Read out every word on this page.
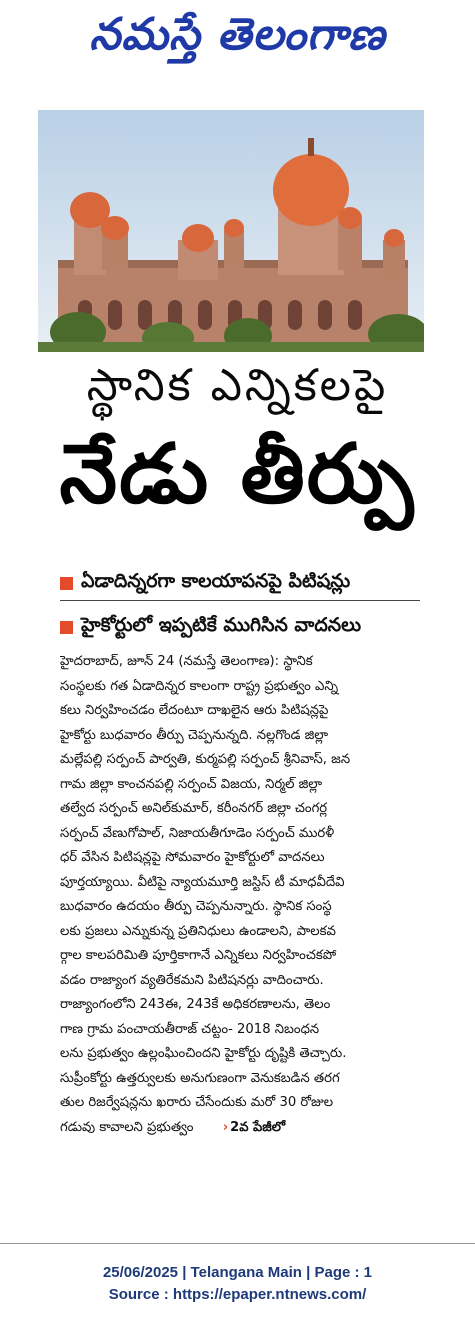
నమస్తే తెలంగాణ
స్థానిక ఎన్నికలపై
నేడు తీర్పు
ఏడాదిన్నరగా కాలయాపనపై పిటిషన్లు
హైకోర్టులో ఇప్పటికే ముగిసిన వాదనలు
హైదరాబాద్, జూన్ 24 (నమస్తే తెలంగాణ): స్థానిక
సంస్థలకు గత ఏడాదిన్నర కాలంగా రాష్ట్ర ప్రభుత్వం ఎన్ని
కలు నిర్వహించడం లేదంటూ దాఖలైన ఆరు పిటిషన్లపై
హైకోర్టు బుధవారం తీర్పు చెప్పనున్నది. నల్లగొండ జిల్లా
మల్లేపల్లి సర్పంచ్ పార్వతి, కుర్మపల్లి సర్పంచ్ శ్రీనివాస్, జన
గామ జిల్లా కాంచనపల్లి సర్పంచ్ విజయ, నిర్మల్ జిల్లా
తల్వేద సర్పంచ్ అనిల్‌కుమార్, కరీంనగర్ జిల్లా చంగర్ల
సర్పంచ్ వేణుగోపాల్, నిజాయతీగూడెం సర్పంచ్ మురళీ
ధర్ వేసిన పిటిషన్లపై సోమవారం హైకోర్టులో వాదనలు
పూర్తయ్యాయి. వీటిపై న్యాయమూర్తి జస్టిస్ టీ మాధవీదేవి
బుధవారం ఉదయం తీర్పు చెప్పనున్నారు. స్థానిక సంస్థ
లకు ప్రజలు ఎన్నుకున్న ప్రతినిధులు ఉండాలని, పాలకవ
ర్గాల కాలపరిమితి పూర్తికాగానే ఎన్నికలు నిర్వహించకపో
వడం రాజ్యాంగ వ్యతిరేకమని పిటిషనర్లు వాదించారు.
రాజ్యాంగంలోని 243ఈ, 243కే అధికరణాలను, తెలం
గాణ గ్రామ పంచాయతీరాజ్ చట్టం- 2018 నిబంధన
లను ప్రభుత్వం ఉల్లంఘించిందని హైకోర్టు దృష్టికి తెచ్చారు.
సుప్రీంకోర్టు ఉత్తర్వులకు అనుగుణంగా వెనుకబడిన తరగ
తుల రిజర్వేషన్లను ఖరారు చేసేందుకు మరో 30 రోజుల
గడువు కావాలని ప్రభుత్వం › 2వ పేజీలో
25/06/2025 | Telangana Main | Page : 1
Source : https://epaper.ntnews.com/
